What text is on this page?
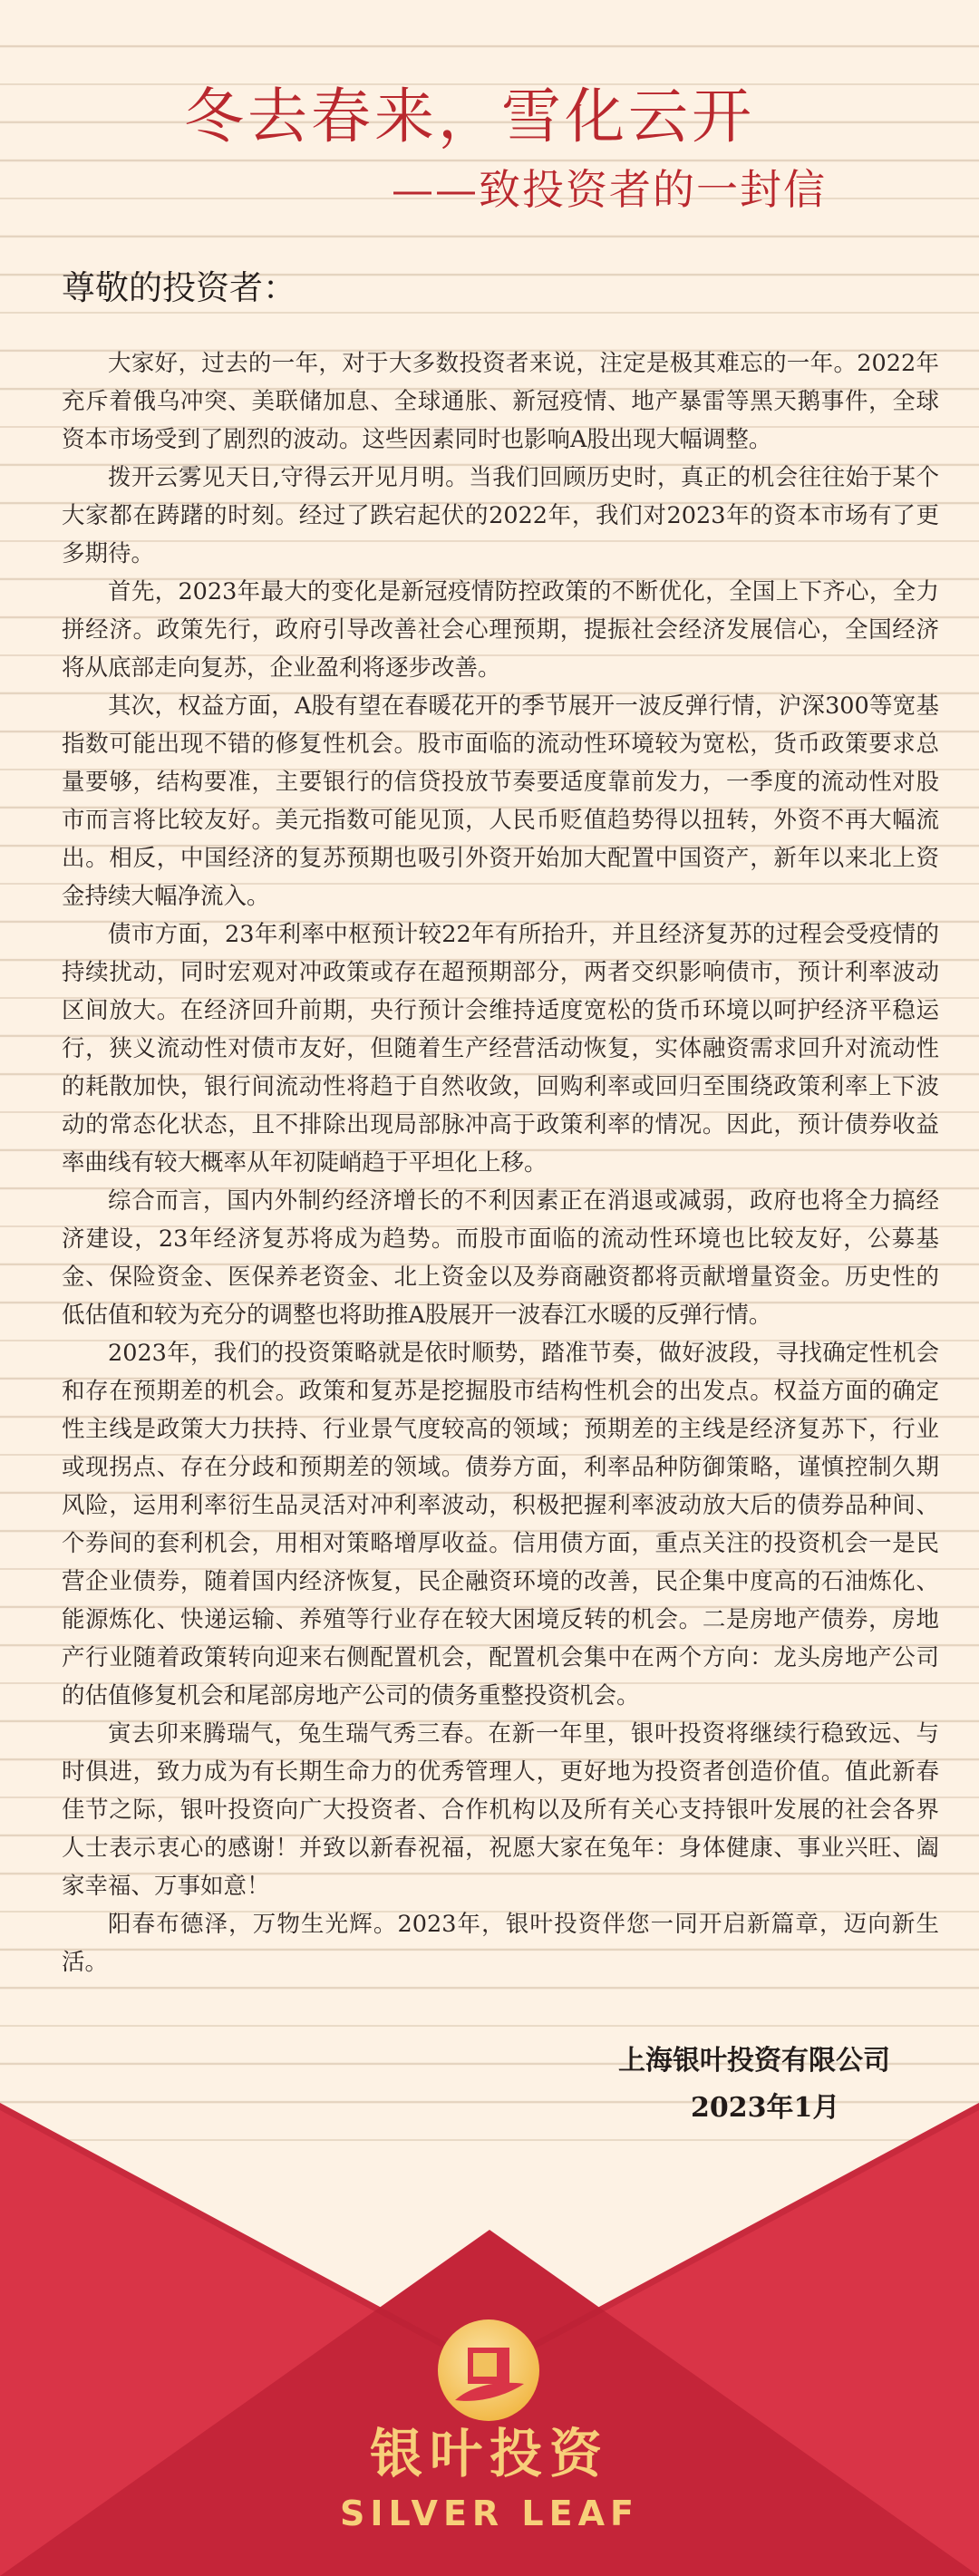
冬去春来，雪化云开
——致投资者的一封信
尊敬的投资者：

大家好，过去的一年，对于大多数投资者来说，注定是极其难忘的一年。2022年充斥着俄乌冲突、美联储加息、全球通胀、新冠疫情、地产暴雷等黑天鹅事件，全球资本市场受到了剧烈的波动。这些因素同时也影响A股出现大幅调整。

拨开云雾见天日,守得云开见月明。当我们回顾历史时，真正的机会往往始于某个大家都在踌躇的时刻。经过了跌宕起伏的2022年，我们对2023年的资本市场有了更多期待。

首先，2023年最大的变化是新冠疫情防控政策的不断优化，全国上下齐心，全力拼经济。政策先行，政府引导改善社会心理预期，提振社会经济发展信心，全国经济将从底部走向复苏，企业盈利将逐步改善。

其次，权益方面，A股有望在春暖花开的季节展开一波反弹行情，沪深300等宽基指数可能出现不错的修复性机会。股市面临的流动性环境较为宽松，货币政策要求总量要够，结构要准，主要银行的信贷投放节奏要适度靠前发力，一季度的流动性对股市而言将比较友好。美元指数可能见顶，人民币贬值趋势得以扭转，外资不再大幅流出。相反，中国经济的复苏预期也吸引外资开始加大配置中国资产，新年以来北上资金持续大幅净流入。

债市方面，23年利率中枢预计较22年有所抬升，并且经济复苏的过程会受疫情的持续扰动，同时宏观对冲政策或存在超预期部分，两者交织影响债市，预计利率波动区间放大。在经济回升前期，央行预计会维持适度宽松的货币环境以呵护经济平稳运行，狭义流动性对债市友好，但随着生产经营活动恢复，实体融资需求回升对流动性的耗散加快，银行间流动性将趋于自然收敛，回购利率或回归至围绕政策利率上下波动的常态化状态，且不排除出现局部脉冲高于政策利率的情况。因此，预计债券收益率曲线有较大概率从年初陡峭趋于平坦化上移。

综合而言，国内外制约经济增长的不利因素正在消退或减弱，政府也将全力搞经济建设，23年经济复苏将成为趋势。而股市面临的流动性环境也比较友好，公募基金、保险资金、医保养老资金、北上资金以及券商融资都将贡献增量资金。历史性的低估值和较为充分的调整也将助推A股展开一波春江水暖的反弹行情。

2023年，我们的投资策略就是依时顺势，踏准节奏，做好波段，寻找确定性机会和存在预期差的机会。政策和复苏是挖掘股市结构性机会的出发点。权益方面的确定性主线是政策大力扶持、行业景气度较高的领域；预期差的主线是经济复苏下，行业或现拐点、存在分歧和预期差的领域。债券方面，利率品种防御策略，谨慎控制久期风险，运用利率衍生品灵活对冲利率波动，积极把握利率波动放大后的债券品种间、个券间的套利机会，用相对策略增厚收益。信用债方面，重点关注的投资机会一是民营企业债券，随着国内经济恢复，民企融资环境的改善，民企集中度高的石油炼化、能源炼化、快递运输、养殖等行业存在较大困境反转的机会。二是房地产债券，房地产行业随着政策转向迎来右侧配置机会，配置机会集中在两个方向：龙头房地产公司的估值修复机会和尾部房地产公司的债务重整投资机会。

寅去卯来腾瑞气，兔生瑞气秀三春。在新一年里，银叶投资将继续行稳致远、与时俱进，致力成为有长期生命力的优秀管理人，更好地为投资者创造价值。值此新春佳节之际，银叶投资向广大投资者、合作机构以及所有关心支持银叶发展的社会各界人士表示衷心的感谢！并致以新春祝福，祝愿大家在兔年：身体健康、事业兴旺、阖家幸福、万事如意！

阳春布德泽，万物生光辉。2023年，银叶投资伴您一同开启新篇章，迈向新生活。

上海银叶投资有限公司
2023年1月
银叶投资
SILVER LEAF
